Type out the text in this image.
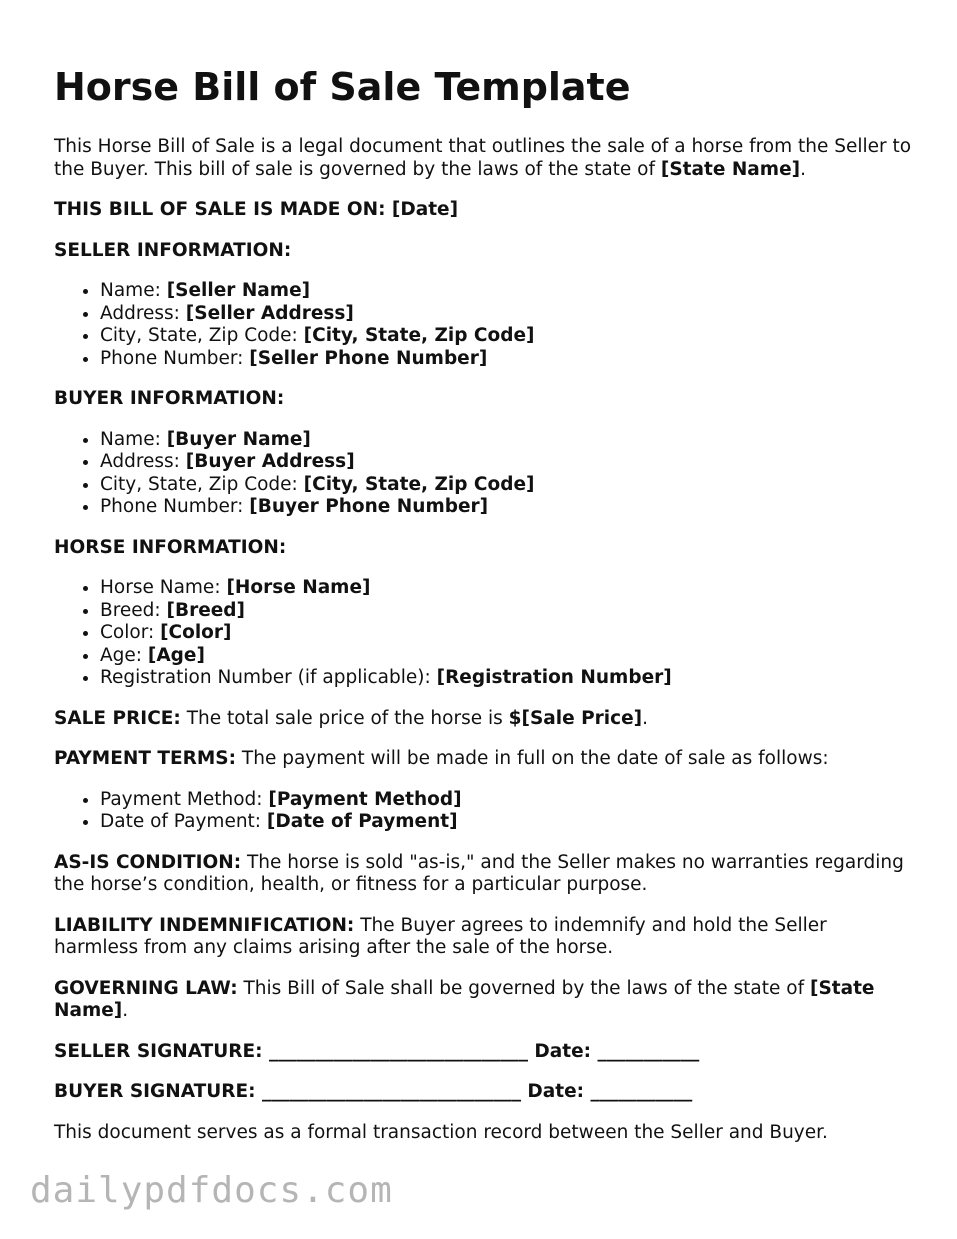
Horse Bill of Sale Template

This Horse Bill of Sale is a legal document that outlines the sale of a horse from the Seller to the Buyer. This bill of sale is governed by the laws of the state of [State Name].

THIS BILL OF SALE IS MADE ON: [Date]

SELLER INFORMATION:

• Name: [Seller Name]
• Address: [Seller Address]
• City, State, Zip Code: [City, State, Zip Code]
• Phone Number: [Seller Phone Number]

BUYER INFORMATION:

• Name: [Buyer Name]
• Address: [Buyer Address]
• City, State, Zip Code: [City, State, Zip Code]
• Phone Number: [Buyer Phone Number]

HORSE INFORMATION:

• Horse Name: [Horse Name]
• Breed: [Breed]
• Color: [Color]
• Age: [Age]
• Registration Number (if applicable): [Registration Number]

SALE PRICE: The total sale price of the horse is $[Sale Price].

PAYMENT TERMS: The payment will be made in full on the date of sale as follows:

• Payment Method: [Payment Method]
• Date of Payment: [Date of Payment]

AS-IS CONDITION: The horse is sold "as-is," and the Seller makes no warranties regarding the horse’s condition, health, or fitness for a particular purpose.

LIABILITY INDEMNIFICATION: The Buyer agrees to indemnify and hold the Seller harmless from any claims arising after the sale of the horse.

GOVERNING LAW: This Bill of Sale shall be governed by the laws of the state of [State Name].

SELLER SIGNATURE: ____________________________ Date: ___________

BUYER SIGNATURE: ____________________________ Date: ___________

This document serves as a formal transaction record between the Seller and Buyer.

dailypdfdocs.com
